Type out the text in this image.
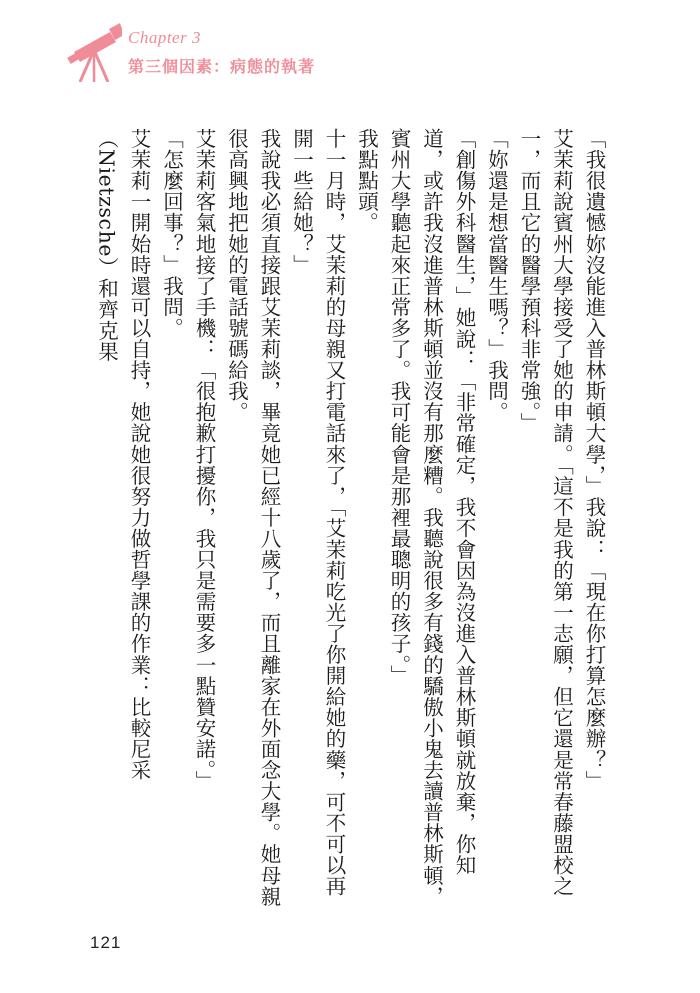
Chapter 3
第三個因素：病態的執著

「我很遺憾妳沒能進入普林斯頓大學，」我說：「現在你打算怎麼辦？」

艾茉莉說賓州大學接受了她的申請。「這不是我的第一志願，但它還是常春藤盟校之一，而且它的醫學預科非常強。」

「妳還是想當醫生嗎？」我問。

「創傷外科醫生，」她說：「非常確定，我不會因為沒進入普林斯頓就放棄，你知道，或許我沒進普林斯頓並沒有那麼糟。我聽說很多有錢的驕傲小鬼去讀普林斯頓，賓州大學聽起來正常多了。我可能會是那裡最聰明的孩子。」

我點點頭。

十一月時，艾茉莉的母親又打電話來了，「艾茉莉吃光了你開給她的藥，可不可以再開一些給她？」

我說我必須直接跟艾茉莉談，畢竟她已經十八歲了，而且離家在外面念大學。她母親很高興地把她的電話號碼給我。

艾茉莉客氣地接了手機：「很抱歉打擾你，我只是需要多一點贊安諾。」

「怎麼回事？」我問。

艾茉莉一開始時還可以自持，她說她很努力做哲學課的作業：比較尼采（Nietzsche）和齊克果

121
